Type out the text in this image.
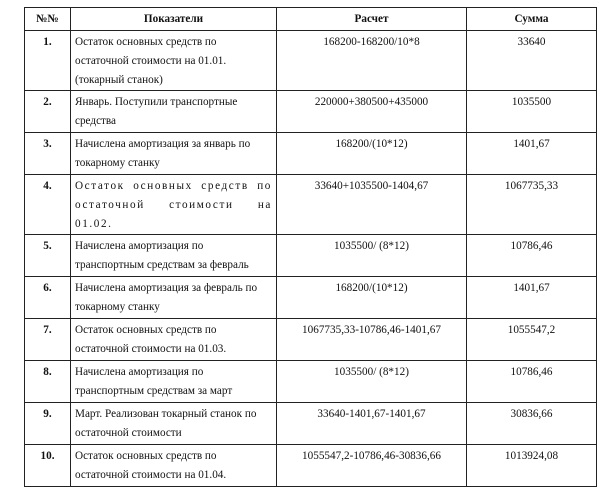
№№	Показатели	Расчет	Сумма
1.	Остаток основных средств по остаточной стоимости на 01.01. (токарный станок)	168200-168200/10*8	33640
2.	Январь. Поступили транспортные средства	220000+380500+435000	1035500
3.	Начислена амортизация за январь по токарному станку	168200/(10*12)	1401,67
4.	Остаток основных средств по остаточной стоимости на 01.02.	33640+1035500-1404,67	1067735,33
5.	Начислена амортизация по транспортным средствам за февраль	1035500/ (8*12)	10786,46
6.	Начислена амортизация за февраль по токарному станку	168200/(10*12)	1401,67
7.	Остаток основных средств по остаточной стоимости на 01.03.	1067735,33-10786,46-1401,67	1055547,2
8.	Начислена амортизация по транспортным средствам за март	1035500/ (8*12)	10786,46
9.	Март. Реализован токарный станок по остаточной стоимости	33640-1401,67-1401,67	30836,66
10.	Остаток основных средств по остаточной стоимости на 01.04.	1055547,2-10786,46-30836,66	1013924,08
